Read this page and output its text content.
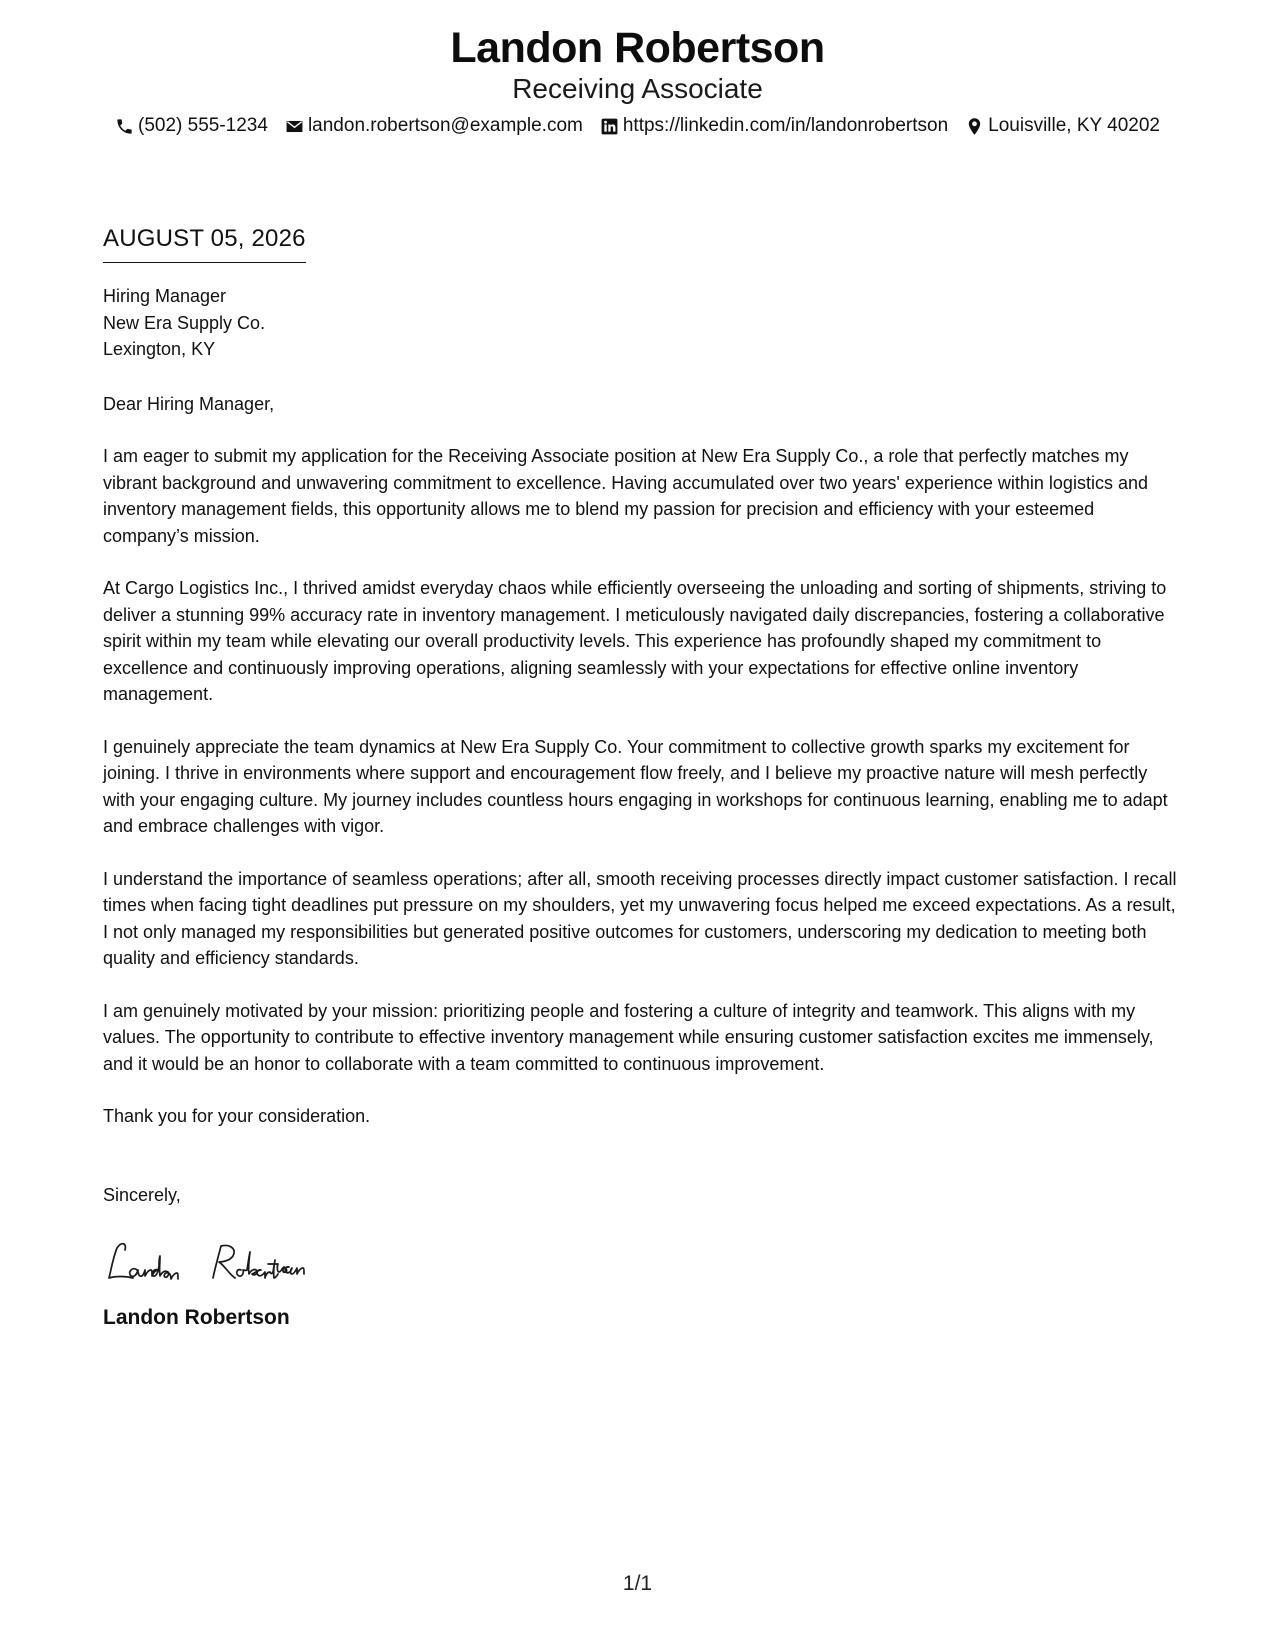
Landon Robertson
Receiving Associate
(502) 555-1234 landon.robertson@example.com https://linkedin.com/in/landonrobertson Louisville, KY 40202
AUGUST 05, 2026
Hiring Manager
New Era Supply Co.
Lexington, KY

Dear Hiring Manager,

I am eager to submit my application for the Receiving Associate position at New Era Supply Co., a role that perfectly matches my vibrant background and unwavering commitment to excellence. Having accumulated over two years' experience within logistics and inventory management fields, this opportunity allows me to blend my passion for precision and efficiency with your esteemed company’s mission.

At Cargo Logistics Inc., I thrived amidst everyday chaos while efficiently overseeing the unloading and sorting of shipments, striving to deliver a stunning 99% accuracy rate in inventory management. I meticulously navigated daily discrepancies, fostering a collaborative spirit within my team while elevating our overall productivity levels. This experience has profoundly shaped my commitment to excellence and continuously improving operations, aligning seamlessly with your expectations for effective online inventory management.

I genuinely appreciate the team dynamics at New Era Supply Co. Your commitment to collective growth sparks my excitement for joining. I thrive in environments where support and encouragement flow freely, and I believe my proactive nature will mesh perfectly with your engaging culture. My journey includes countless hours engaging in workshops for continuous learning, enabling me to adapt and embrace challenges with vigor.

I understand the importance of seamless operations; after all, smooth receiving processes directly impact customer satisfaction. I recall times when facing tight deadlines put pressure on my shoulders, yet my unwavering focus helped me exceed expectations. As a result, I not only managed my responsibilities but generated positive outcomes for customers, underscoring my dedication to meeting both quality and efficiency standards.

I am genuinely motivated by your mission: prioritizing people and fostering a culture of integrity and teamwork. This aligns with my values. The opportunity to contribute to effective inventory management while ensuring customer satisfaction excites me immensely, and it would be an honor to collaborate with a team committed to continuous improvement.

Thank you for your consideration.

Sincerely,

Landon Robertson
1/1
